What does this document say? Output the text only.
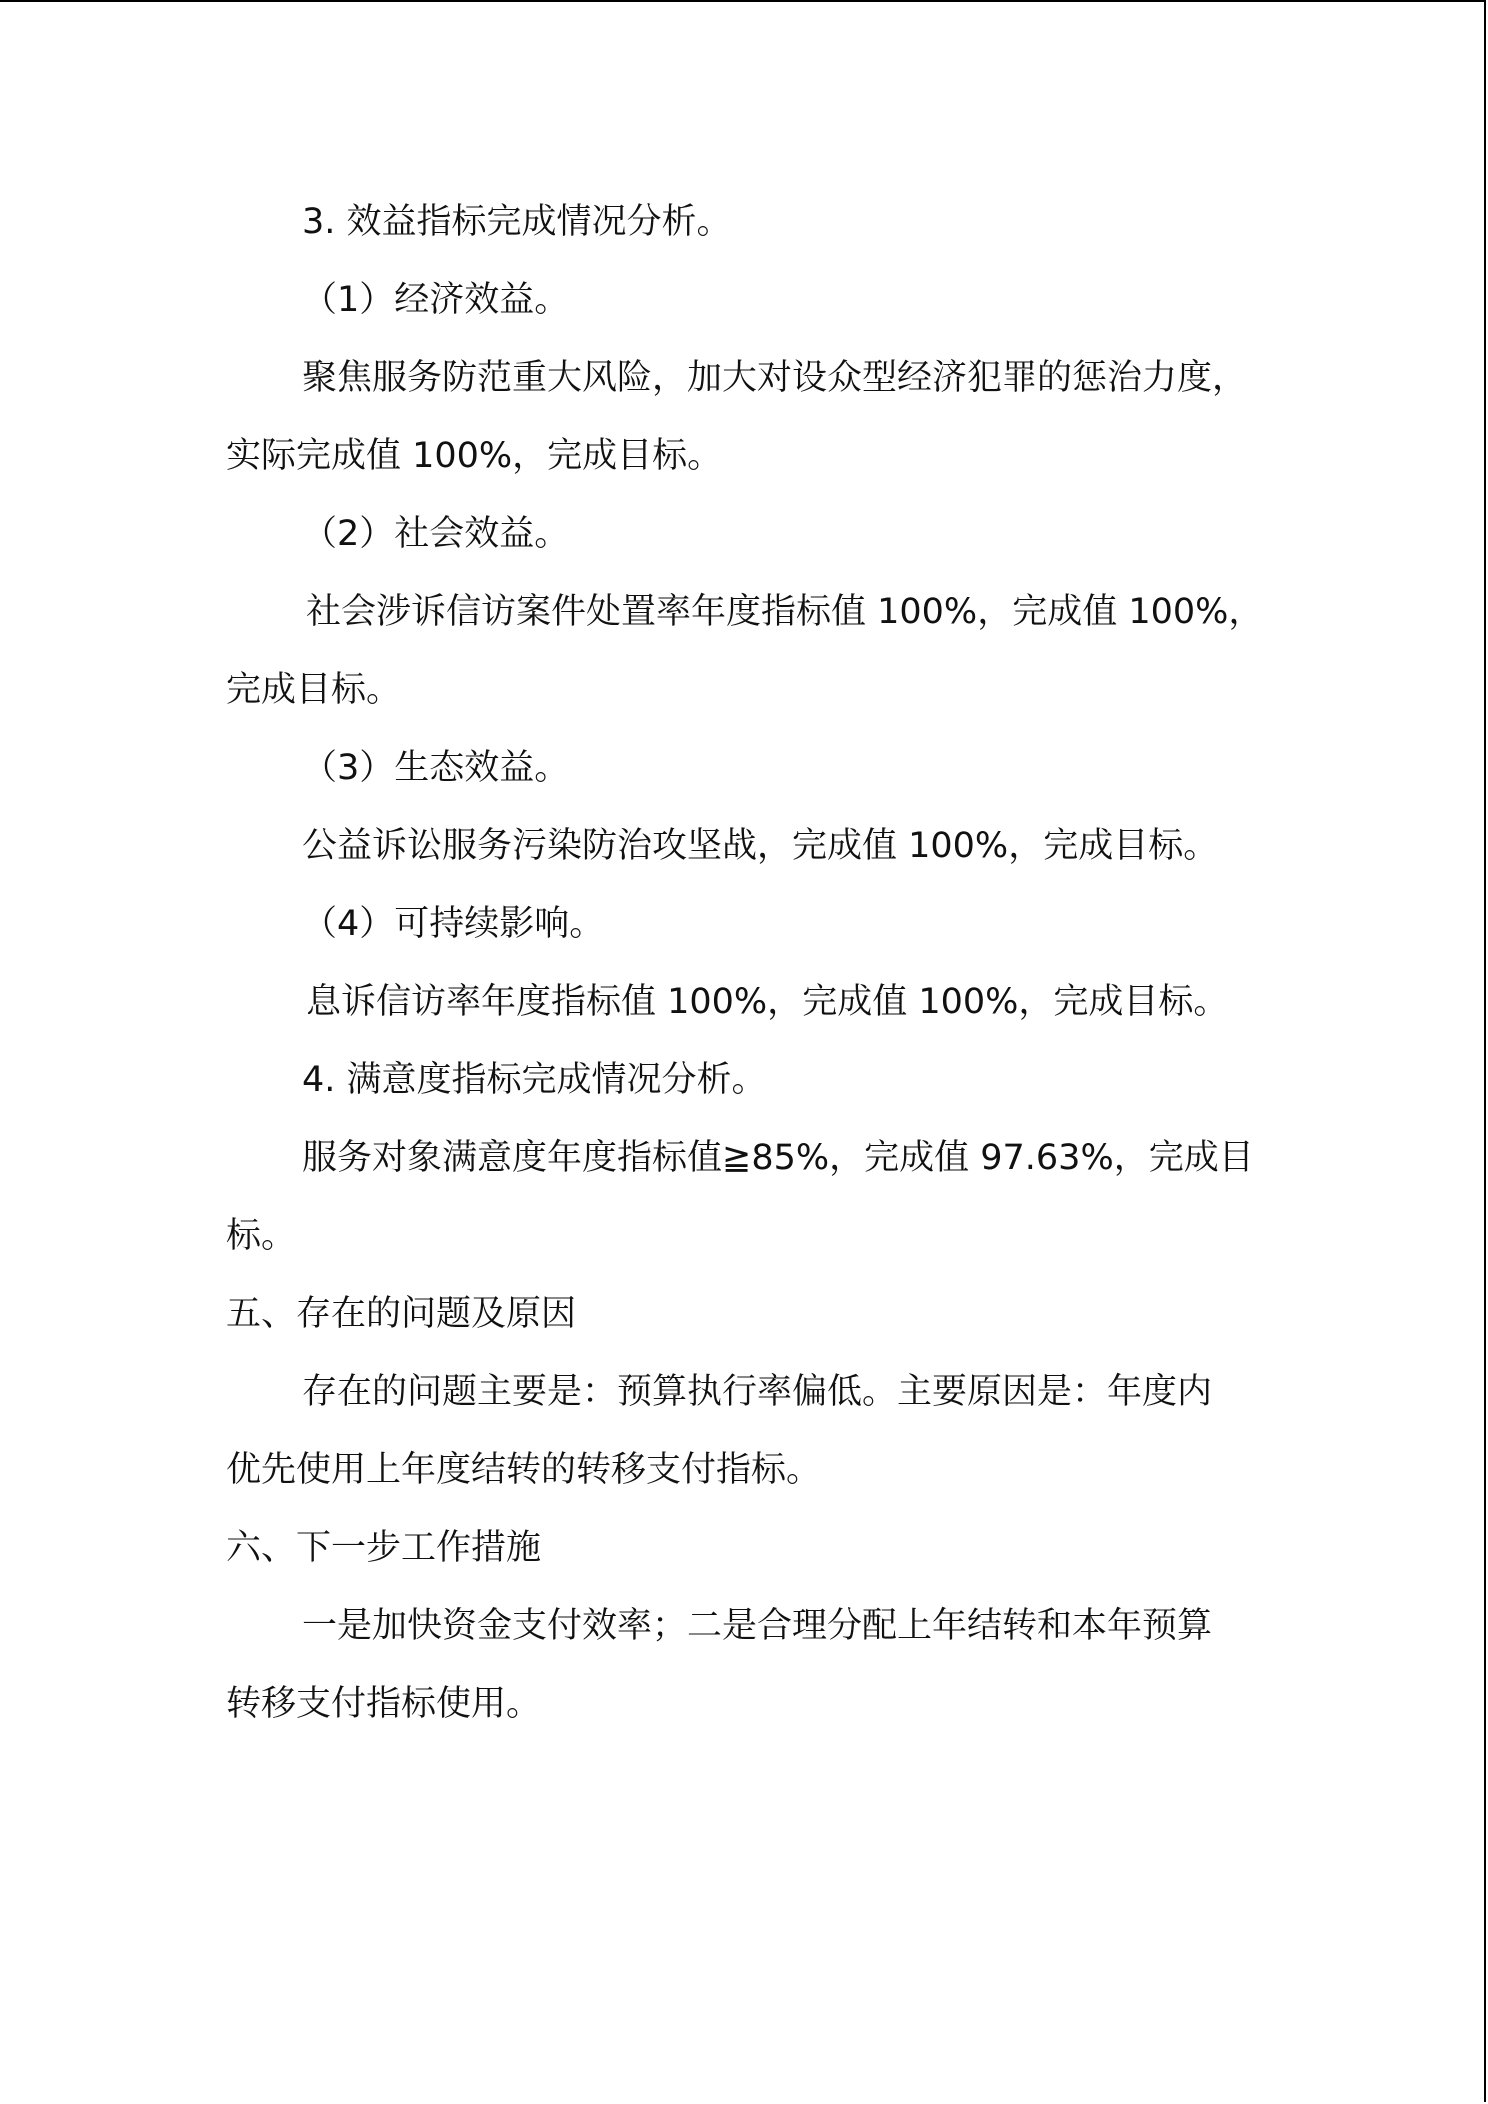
3. 效益指标完成情况分析。
（1）经济效益。
聚焦服务防范重大风险，加大对设众型经济犯罪的惩治力度，
实际完成值 100%，完成目标。
（2）社会效益。
社会涉诉信访案件处置率年度指标值 100%，完成值 100%，
完成目标。
（3）生态效益。
公益诉讼服务污染防治攻坚战，完成值 100%，完成目标。
（4）可持续影响。
息诉信访率年度指标值 100%，完成值 100%，完成目标。
4. 满意度指标完成情况分析。
服务对象满意度年度指标值≧85%，完成值 97.63%，完成目
标。
五、存在的问题及原因
存在的问题主要是：预算执行率偏低。主要原因是：年度内
优先使用上年度结转的转移支付指标。
六、下一步工作措施
一是加快资金支付效率；二是合理分配上年结转和本年预算
转移支付指标使用。
